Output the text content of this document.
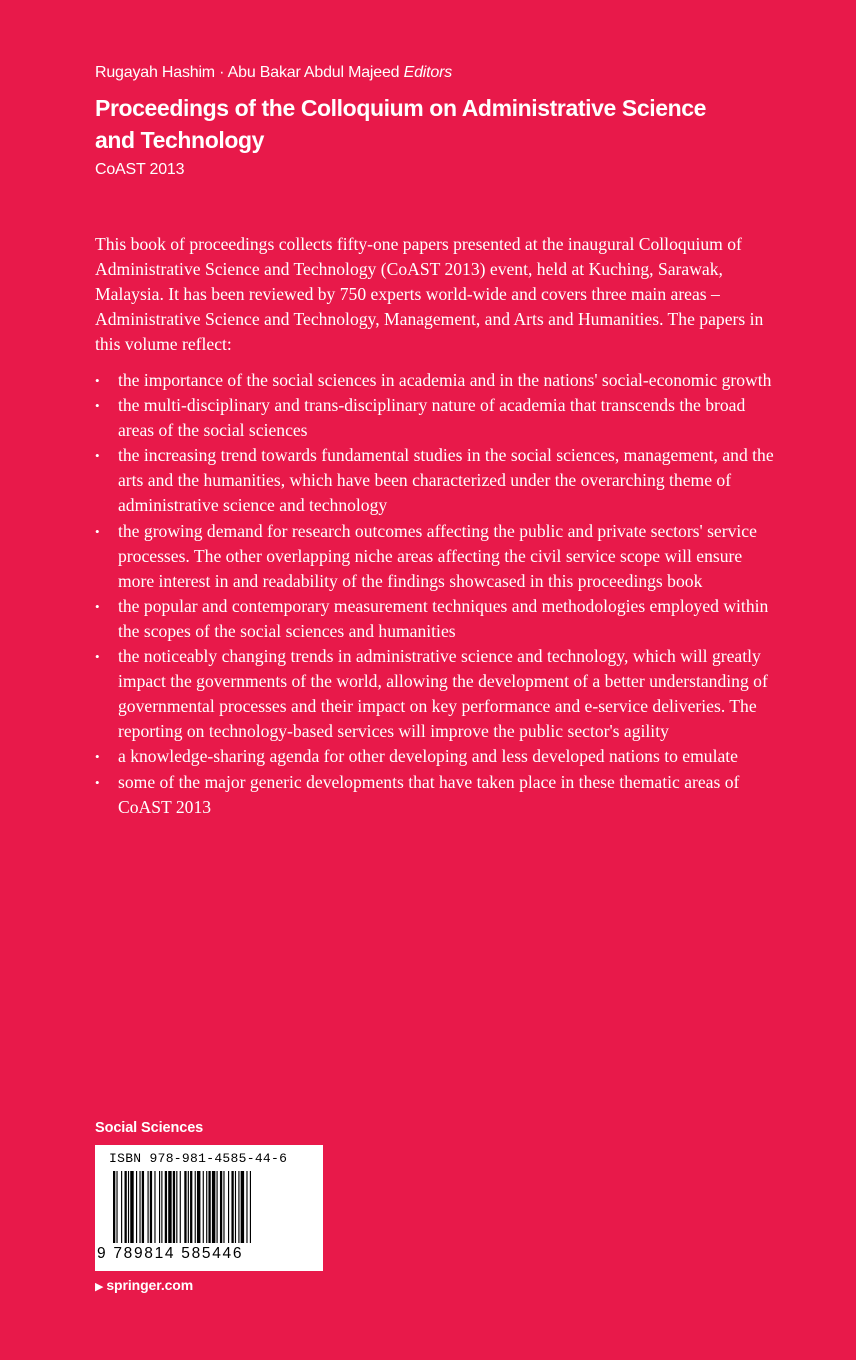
Rugayah Hashim · Abu Bakar Abdul Majeed Editors
Proceedings of the Colloquium on Administrative Science and Technology
CoAST 2013

This book of proceedings collects fifty-one papers presented at the inaugural Colloquium of Administrative Science and Technology (CoAST 2013) event, held at Kuching, Sarawak, Malaysia. It has been reviewed by 750 experts world-wide and covers three main areas – Administrative Science and Technology, Management, and Arts and Humanities. The papers in this volume reflect:

• the importance of the social sciences in academia and in the nations' social-economic growth
• the multi-disciplinary and trans-disciplinary nature of academia that transcends the broad areas of the social sciences
• the increasing trend towards fundamental studies in the social sciences, management, and the arts and the humanities, which have been characterized under the overarching theme of administrative science and technology
• the growing demand for research outcomes affecting the public and private sectors' service processes. The other overlapping niche areas affecting the civil service scope will ensure more interest in and readability of the findings showcased in this proceedings book
• the popular and contemporary measurement techniques and methodologies employed within the scopes of the social sciences and humanities
• the noticeably changing trends in administrative science and technology, which will greatly impact the governments of the world, allowing the development of a better understanding of governmental processes and their impact on key performance and e-service deliveries. The reporting on technology-based services will improve the public sector's agility
• a knowledge-sharing agenda for other developing and less developed nations to emulate
• some of the major generic developments that have taken place in these thematic areas of CoAST 2013
Social Sciences
ISBN 978-981-4585-44-6
9 789814 585446
▶ springer.com
